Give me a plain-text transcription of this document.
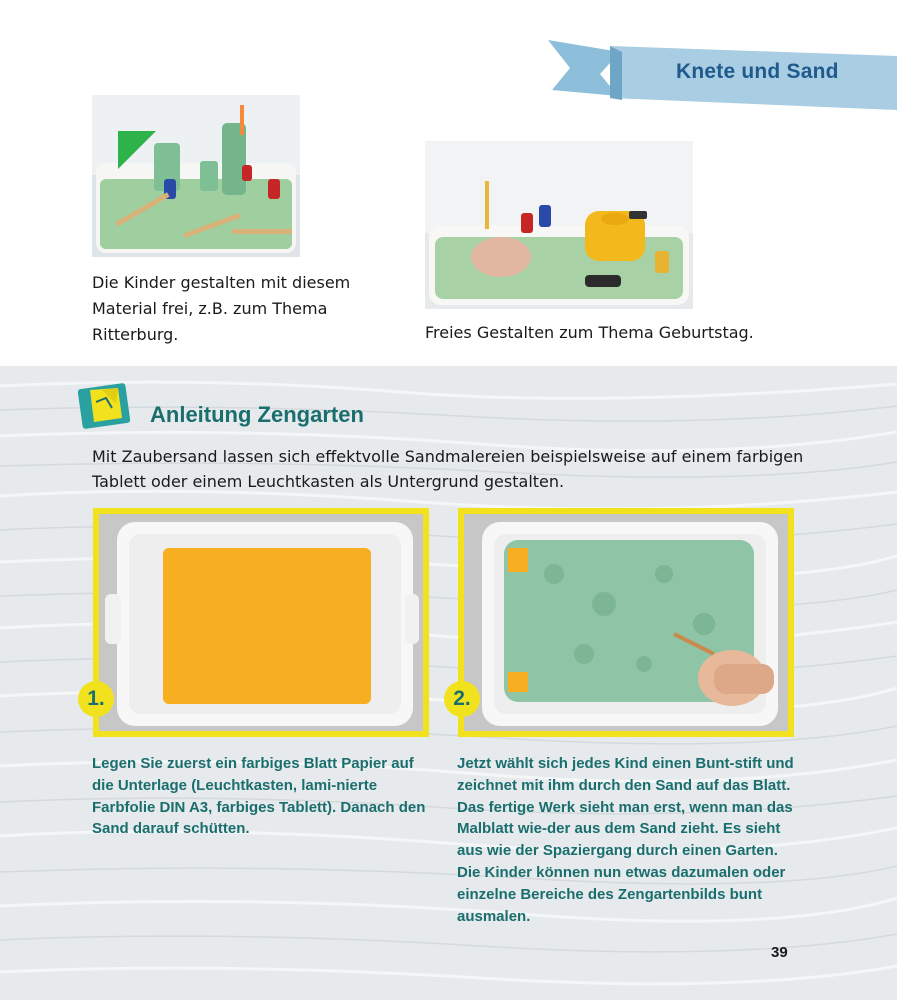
Knete und Sand
Die Kinder gestalten mit diesem Material frei, z.B. zum Thema Ritterburg.	Freies Gestalten zum Thema Geburtstag.
Anleitung Zengarten
Mit Zaubersand lassen sich effektvolle Sandmalereien beispielsweise auf einem farbigen Tablett oder einem Leuchtkasten als Untergrund gestalten.
1.	2.
Legen Sie zuerst ein farbiges Blatt Papier auf die Unterlage (Leuchtkasten, lami-nierte Farbfolie DIN A3, farbiges Tablett). Danach den Sand darauf schütten.
Jetzt wählt sich jedes Kind einen Bunt-stift und zeichnet mit ihm durch den Sand auf das Blatt. Das fertige Werk sieht man erst, wenn man das Malblatt wie-der aus dem Sand zieht. Es sieht aus wie der Spaziergang durch einen Garten. Die Kinder können nun etwas dazumalen oder einzelne Bereiche des Zengartenbilds bunt ausmalen.
39
